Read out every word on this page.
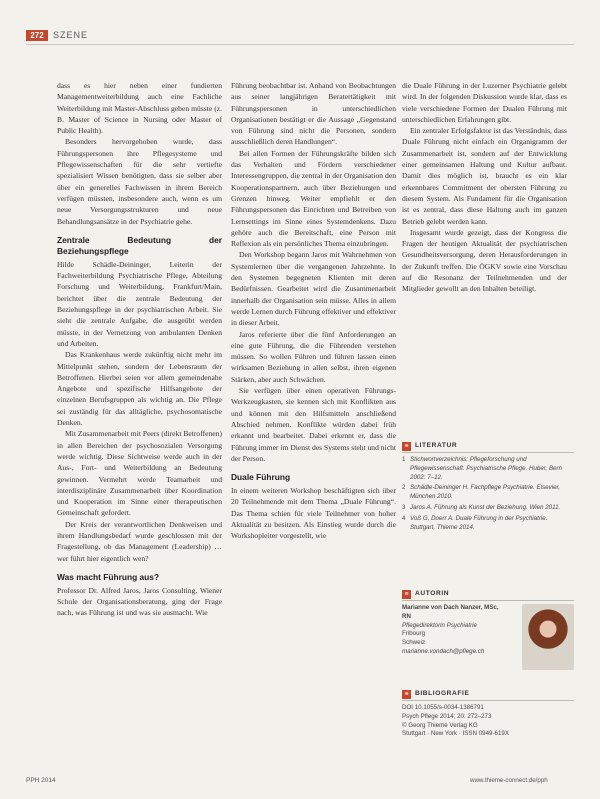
272	SZENE

dass es hier neben einer fundierten Managementweiterbildung auch eine Fachliche Weiterbildung mit Master-Abschluss geben müsste (z. B. Master of Science in Nursing oder Master of Public Health).

Besonders hervorgehoben wurde, dass Führungspersonen ihre Pflegesysteme und Pflegewissenschaften für die sehr vertiefte spezialisiert Wissen benötigten, dass sie selber aber über ein generelles Fachwissen in ihrem Bereich verfügen müssten, insbesondere auch, wenn es um neue Versorgungsstrukturen und neue Behandlungsansätze in der Psychiatrie gehe.

Zentrale Bedeutung der Beziehungspflege

Hilde Schädle-Deininger, Leiterin der Fachweiterbildung Psychiatrische Pflege, Abteilung Forschung und Weiterbildung, Frankfurt/Main, berichtet über die zentrale Bedeutung der Beziehungspflege in der psychiatrischen Arbeit. Sie sieht die zentrale Aufgabe, die ausgeübt werden müsste, in der Vernetzung von ambulanten Denken und Arbeiten.

Das Krankenhaus werde zukünftig nicht mehr im Mittelpunkt stehen, sondern der Lebensraum der Betroffenen. Hierbei seien vor allem gemeindenahe Angebote und spezifische Hilfsangebote der einzelnen Berufsgruppen als wichtig an. Die Pflege sei zuständig für das alltägliche, psychosomatische Denken.

Mit Zusammenarbeit mit Peers (direkt Betroffenen) in allen Bereichen der psychosozialen Versorgung werde wichtig. Diese Sichtweise werde auch in der Aus-, Fort- und Weiterbildung an Bedeutung gewinnen. Vermehrt werde Teamarbeit und interdisziplinäre Zusammenarbeit über Koordination und Kooperation im Sinne einer therapeutischen Gemeinschaft gefordert.

Der Kreis der verantwortlichen Denkweisen und ihrem Handlungsbedarf wurde geschlossen mit der Fragestellung, ob das Management (Leadership) … wer führt hier eigentlich wen?

Was macht Führung aus?

Professor Dr. Alfred Jaros, Jaros Consulting, Wiener Schule der Organisationsberatung, ging der Frage nach, was Führung ist und was sie ausmacht. Wie

Führung beobachtbar ist. Anhand von Beobachtungen aus seiner langjährigen Beratertätigkeit mit Führungspersonen in unterschiedlichen Organisationen bestätigt er die Aussage „Gegenstand von Führung sind nicht die Personen, sondern ausschließlich deren Handlungen“.

Bei allen Formen der Führungskräfte bilden sich das Verhalten und Fördern verschiedener Interessengruppen, die zentral in der Organisation den Kooperationspartnern, auch über Beziehungen und Grenzen hinweg. Weiter empfiehlt er den Führungspersonen das Einrichten und Betreiben von Lernsettings im Sinne eines Systemdenkens. Dazu gehöre auch die Bereitschaft, eine Person mit Reflexion als ein persönliches Thema einzubringen.

Den Workshop begann Jaros mit Wahrnehmen von Systemlernen über die vergangenen Jahrzehnte. In den Systemen begegneten Klienten mit deren Bedürfnissen. Gearbeitet wird die Zusammenarbeit innerhalb der Organisation sein müsse. Alles in allem werde Lernen durch Führung effektiver und effektiver in dieser Arbeit.

Jaros referierte über die fünf Anforderungen an eine gute Führung, die die Führenden verstehen müssen. So wollen Führen und führen lassen einen wirksamen Beziehung in allen selbst, ihren eigenen Stärken, aber auch Schwächen.

Sie verfügen über einen operativen Führungs-Werkzeugkasten, sie kennen sich mit Konflikten aus und können mit den Hilfsmitteln anschließend Abschied nehmen. Konflikte würden dabei früh erkannt und bearbeitet. Dabei erkennt er, dass die Führung immer im Dienst des Systems steht und nicht der Person.

Duale Führung

In einem weiteren Workshop beschäftigten sich über 20 Teilnehmende mit dem Thema „Duale Führung“. Das Thema schien für viele Teilnehmer von hoher Aktualität zu besitzen. Als Einstieg wurde durch die Workshopleiter vorgestellt, wie

die Duale Führung in der Luzerner Psychiatrie gelebt wird. In der folgenden Diskussion wurde klar, dass es viele verschiedene Formen der Dualen Führung mit unterschiedlichen Erfahrungen gibt.

Ein zentraler Erfolgsfaktor ist das Verständnis, dass Duale Führung nicht einfach ein Organigramm der Zusammenarbeit ist, sondern auf der Entwicklung einer gemeinsamen Haltung und Kultur aufbaut. Damit dies möglich ist, braucht es ein klar erkennbares Commitment der obersten Führung zu diesem System. Als Fundament für die Organisation ist es zentral, dass diese Haltung auch im ganzen Betrieb gelebt werden kann.

Insgesamt wurde gezeigt, dass der Kongress die Fragen der heutigen Aktualität der psychiatrischen Gesundheitsversorgung, deren Herausforderungen in der Zukunft treffen. Die ÖGKV sowie eine Vorschau auf die Resonanz der Teilnehmenden und der Mitglieder gewollt an den Inhalten beteiligt.

≡ LITERATUR
1 Stichwortverzeichnis: Pflegeforschung und Pflegewissenschaft. Psychiatrische Pflege. Huber, Bern 2002: 7–12.
2 Schädle-Deininger H. Fachpflege Psychiatrie. Elsevier, München 2010.
3 Jaros A. Führung als Kunst der Beziehung. Wien 2011.
4 Voß G, Doerr A. Duale Führung in der Psychiatrie. Stuttgart, Thieme 2014.
≡ AUTORIN
Marianne von Dach Nanzer, MSc, RN
Pflegedirektorin Psychiatrie
Fribourg
Schweiz
marianne.vondach@pflege.ch
≡ BIBLIOGRAFIE
DOI 10.1055/s-0034-1386791
Psych Pflege 2014; 20: 272–273
© Georg Thieme Verlag KG
Stuttgart · New York · ISSN 0949-619X
PPH 2014	www.thieme-connect.de/pph
